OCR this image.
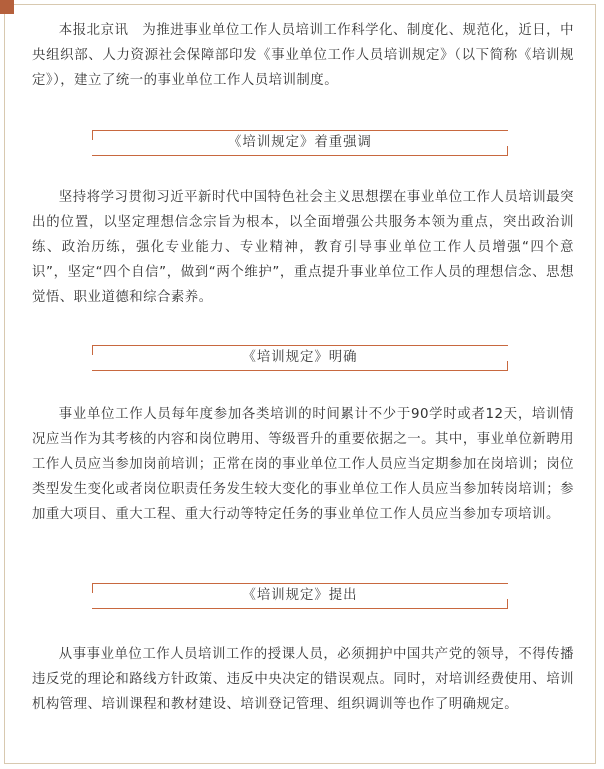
本报北京讯　为推进事业单位工作人员培训工作科学化、制度化、规范化，近日，中央组织部、人力资源社会保障部印发《事业单位工作人员培训规定》（以下简称《培训规定》），建立了统一的事业单位工作人员培训制度。

《培训规定》着重强调

坚持将学习贯彻习近平新时代中国特色社会主义思想摆在事业单位工作人员培训最突出的位置，以坚定理想信念宗旨为根本，以全面增强公共服务本领为重点，突出政治训练、政治历练，强化专业能力、专业精神，教育引导事业单位工作人员增强“四个意识”，坚定“四个自信”，做到“两个维护”，重点提升事业单位工作人员的理想信念、思想觉悟、职业道德和综合素养。

《培训规定》明确

事业单位工作人员每年度参加各类培训的时间累计不少于90学时或者12天，培训情况应当作为其考核的内容和岗位聘用、等级晋升的重要依据之一。其中，事业单位新聘用工作人员应当参加岗前培训；正常在岗的事业单位工作人员应当定期参加在岗培训；岗位类型发生变化或者岗位职责任务发生较大变化的事业单位工作人员应当参加转岗培训；参加重大项目、重大工程、重大行动等特定任务的事业单位工作人员应当参加专项培训。

《培训规定》提出

从事事业单位工作人员培训工作的授课人员，必须拥护中国共产党的领导，不得传播违反党的理论和路线方针政策、违反中央决定的错误观点。同时，对培训经费使用、培训机构管理、培训课程和教材建设、培训登记管理、组织调训等也作了明确规定。
